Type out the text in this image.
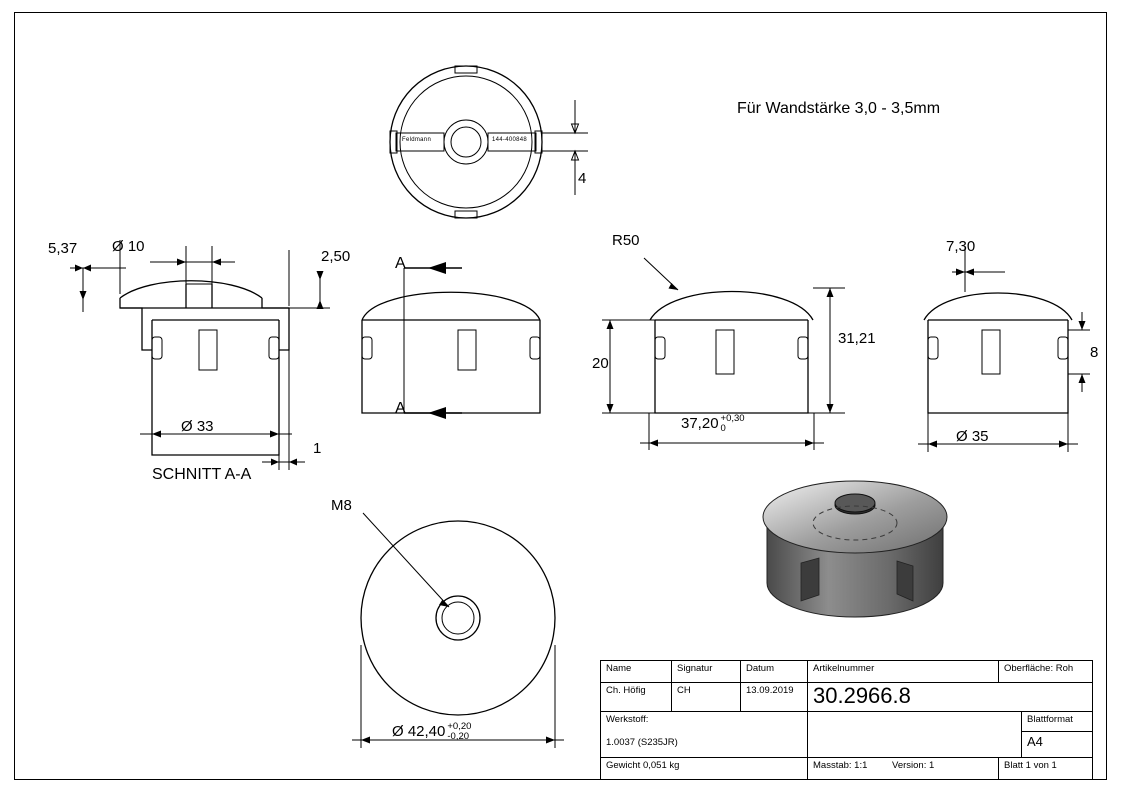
Für Wandstärke 3,0 - 3,5mm
4
5,37 Ø 10
2,50
Ø 33
1
SCHNITT A-A
A
A
R50
20
31,21
37,20 +0,30
0
7,30
8
Ø 35
M8
Ø 42,40 +0,20
-0,20
Feldmann	144-400848
Name	Signatur	Datum	Artikelnummer	Oberfläche: Roh	
Ch. Höfig	CH	13.09.2019	30.2966.8		

Werkstoff:
1.0037 (S235JR)					Blattformat
					A4
Gewicht 0,051 kg			Masstab: 1:1 Version: 1	Blatt 1 von 1	
